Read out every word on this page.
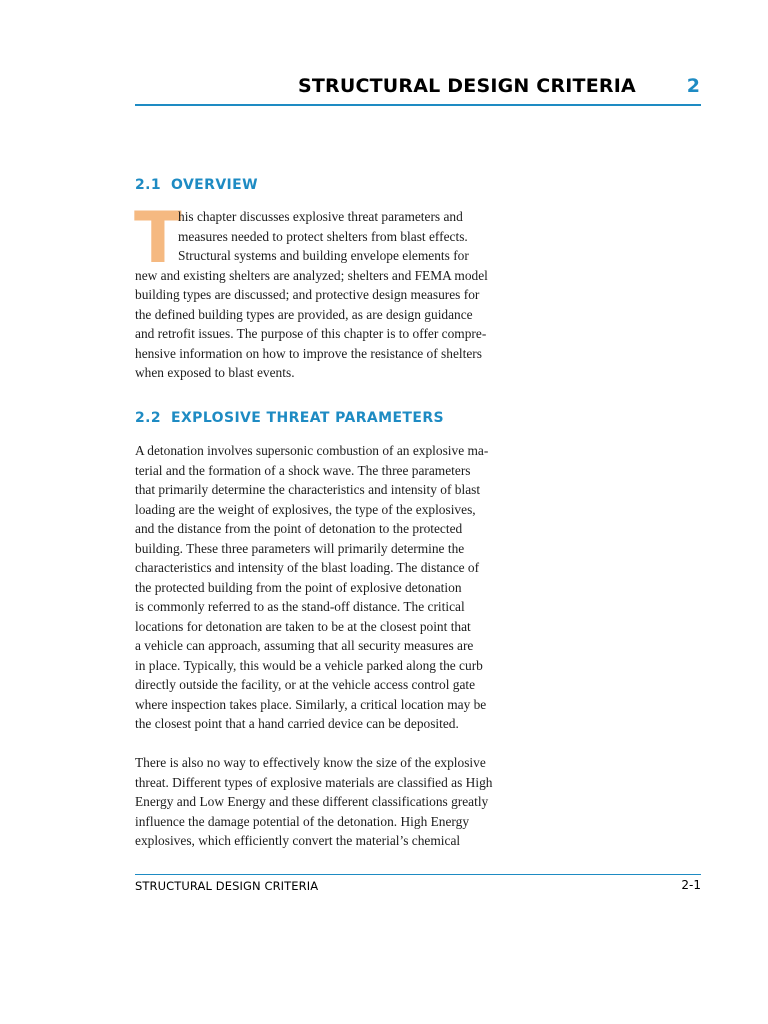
STRUCTURAL DESIGN CRITERIA	2
2.1 OVERVIEW
T
his chapter discusses explosive threat parameters and
measures needed to protect shelters from blast effects.
Structural systems and building envelope elements for
new and existing shelters are analyzed; shelters and FEMA model
building types are discussed; and protective design measures for
the defined building types are provided, as are design guidance
and retrofit issues. The purpose of this chapter is to offer compre-
hensive information on how to improve the resistance of shelters
when exposed to blast events.
2.2 EXPLOSIVE THREAT PARAMETERS
A detonation involves supersonic combustion of an explosive ma-
terial and the formation of a shock wave. The three parameters
that primarily determine the characteristics and intensity of blast
loading are the weight of explosives, the type of the explosives,
and the distance from the point of detonation to the protected
building. These three parameters will primarily determine the
characteristics and intensity of the blast loading. The distance of
the protected building from the point of explosive detonation
is commonly referred to as the stand-off distance. The critical
locations for detonation are taken to be at the closest point that
a vehicle can approach, assuming that all security measures are
in place. Typically, this would be a vehicle parked along the curb
directly outside the facility, or at the vehicle access control gate
where inspection takes place. Similarly, a critical location may be
the closest point that a hand carried device can be deposited.
There is also no way to effectively know the size of the explosive
threat. Different types of explosive materials are classified as High
Energy and Low Energy and these different classifications greatly
influence the damage potential of the detonation. High Energy
explosives, which efficiently convert the material’s chemical
STRUCTURAL DESIGN CRITERIA	2-1
